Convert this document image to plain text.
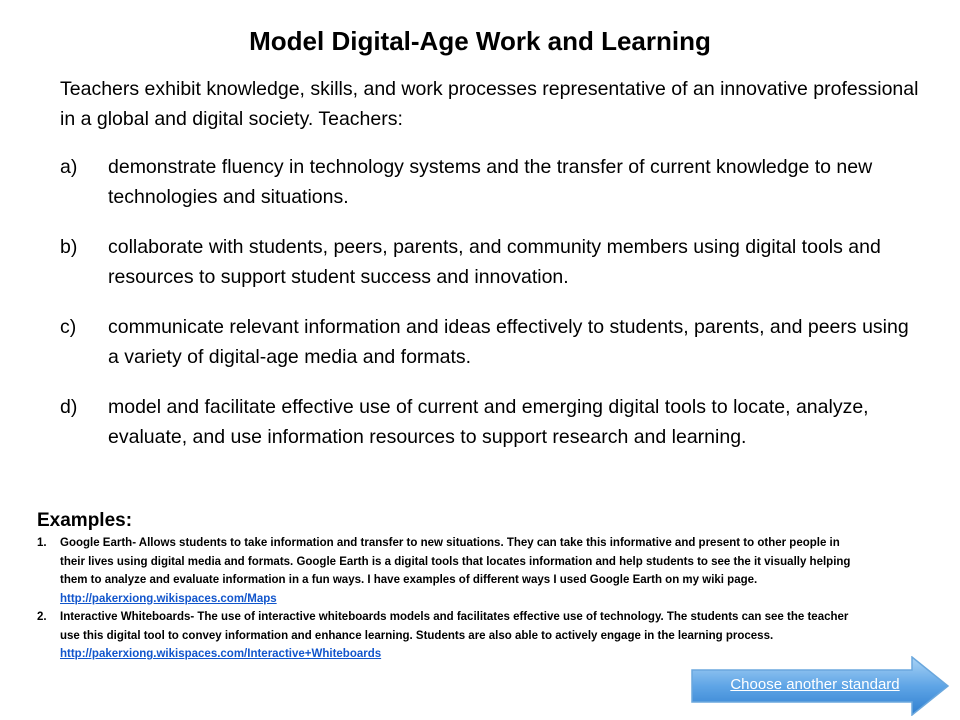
Model Digital-Age Work and Learning
Teachers exhibit knowledge, skills, and work processes representative of an innovative professional in a global and digital society. Teachers:
a) demonstrate fluency in technology systems and the transfer of current knowledge to new technologies and situations.
b) collaborate with students, peers, parents, and community members using digital tools and resources to support student success and innovation.
c) communicate relevant information and ideas effectively to students, parents, and peers using a variety of digital-age media and formats.
d) model and facilitate effective use of current and emerging digital tools to locate, analyze, evaluate, and use information resources to support research and learning.
Examples:
1. Google Earth- Allows students to take information and transfer to new situations. They can take this informative and present to other people in their lives using digital media and formats. Google Earth is a digital tools that locates information and help students to see the it visually helping them to analyze and evaluate information in a fun ways. I have examples of different ways I used Google Earth on my wiki page. http://pakerxiong.wikispaces.com/Maps
2. Interactive Whiteboards- The use of interactive whiteboards models and facilitates effective use of technology. The students can see the teacher use this digital tool to convey information and enhance learning. Students are also able to actively engage in the learning process. http://pakerxiong.wikispaces.com/Interactive+Whiteboards
Choose another standard
